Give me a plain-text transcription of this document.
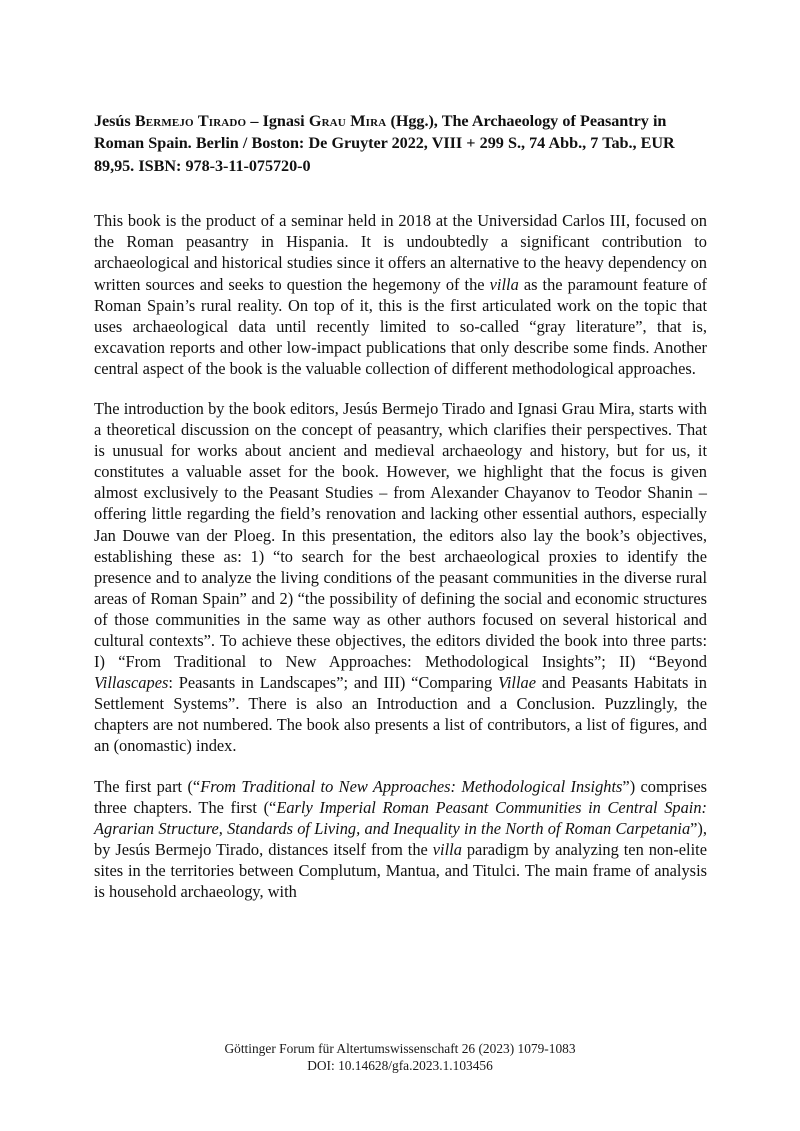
Jesús Bermejo Tirado – Ignasi Grau Mira (Hgg.), The Archaeology of Peasantry in Roman Spain. Berlin / Boston: De Gruyter 2022, VIII + 299 S., 74 Abb., 7 Tab., EUR 89,95. ISBN: 978-3-11-075720-0

This book is the product of a seminar held in 2018 at the Universidad Carlos III, focused on the Roman peasantry in Hispania. It is undoubtedly a significant contribution to archaeological and historical studies since it offers an alternative to the heavy dependency on written sources and seeks to question the hegemony of the villa as the paramount feature of Roman Spain’s rural reality. On top of it, this is the first articulated work on the topic that uses archaeological data until recently limited to so-called “gray literature”, that is, excavation reports and other low-impact publications that only describe some finds. Another central aspect of the book is the valuable collection of different methodological approaches.

The introduction by the book editors, Jesús Bermejo Tirado and Ignasi Grau Mira, starts with a theoretical discussion on the concept of peasantry, which clarifies their perspectives. That is unusual for works about ancient and medieval archaeology and history, but for us, it constitutes a valuable asset for the book. However, we highlight that the focus is given almost exclusively to the Peasant Studies – from Alexander Chayanov to Teodor Shanin – offering little regarding the field’s renovation and lacking other essential authors, especially Jan Douwe van der Ploeg. In this presentation, the editors also lay the book’s objectives, establishing these as: 1) “to search for the best archaeological proxies to identify the presence and to analyze the living conditions of the peasant communities in the diverse rural areas of Roman Spain” and 2) “the possibility of defining the social and economic structures of those communities in the same way as other authors focused on several historical and cultural contexts”. To achieve these objectives, the editors divided the book into three parts: I) “From Traditional to New Approaches: Methodological Insights”; II) “Beyond Villascapes: Peasants in Landscapes”; and III) “Comparing Villae and Peasants Habitats in Settlement Systems”. There is also an Introduction and a Conclusion. Puzzlingly, the chapters are not numbered. The book also presents a list of contributors, a list of figures, and an (onomastic) index.

The first part (“From Traditional to New Approaches: Methodological Insights”) comprises three chapters. The first (“Early Imperial Roman Peasant Communities in Central Spain: Agrarian Structure, Standards of Living, and Inequality in the North of Roman Carpetania”), by Jesús Bermejo Tirado, distances itself from the villa paradigm by analyzing ten non-elite sites in the territories between Complutum, Mantua, and Titulci. The main frame of analysis is household archaeology, with

Göttinger Forum für Altertumswissenschaft 26 (2023) 1079-1083
DOI: 10.14628/gfa.2023.1.103456
